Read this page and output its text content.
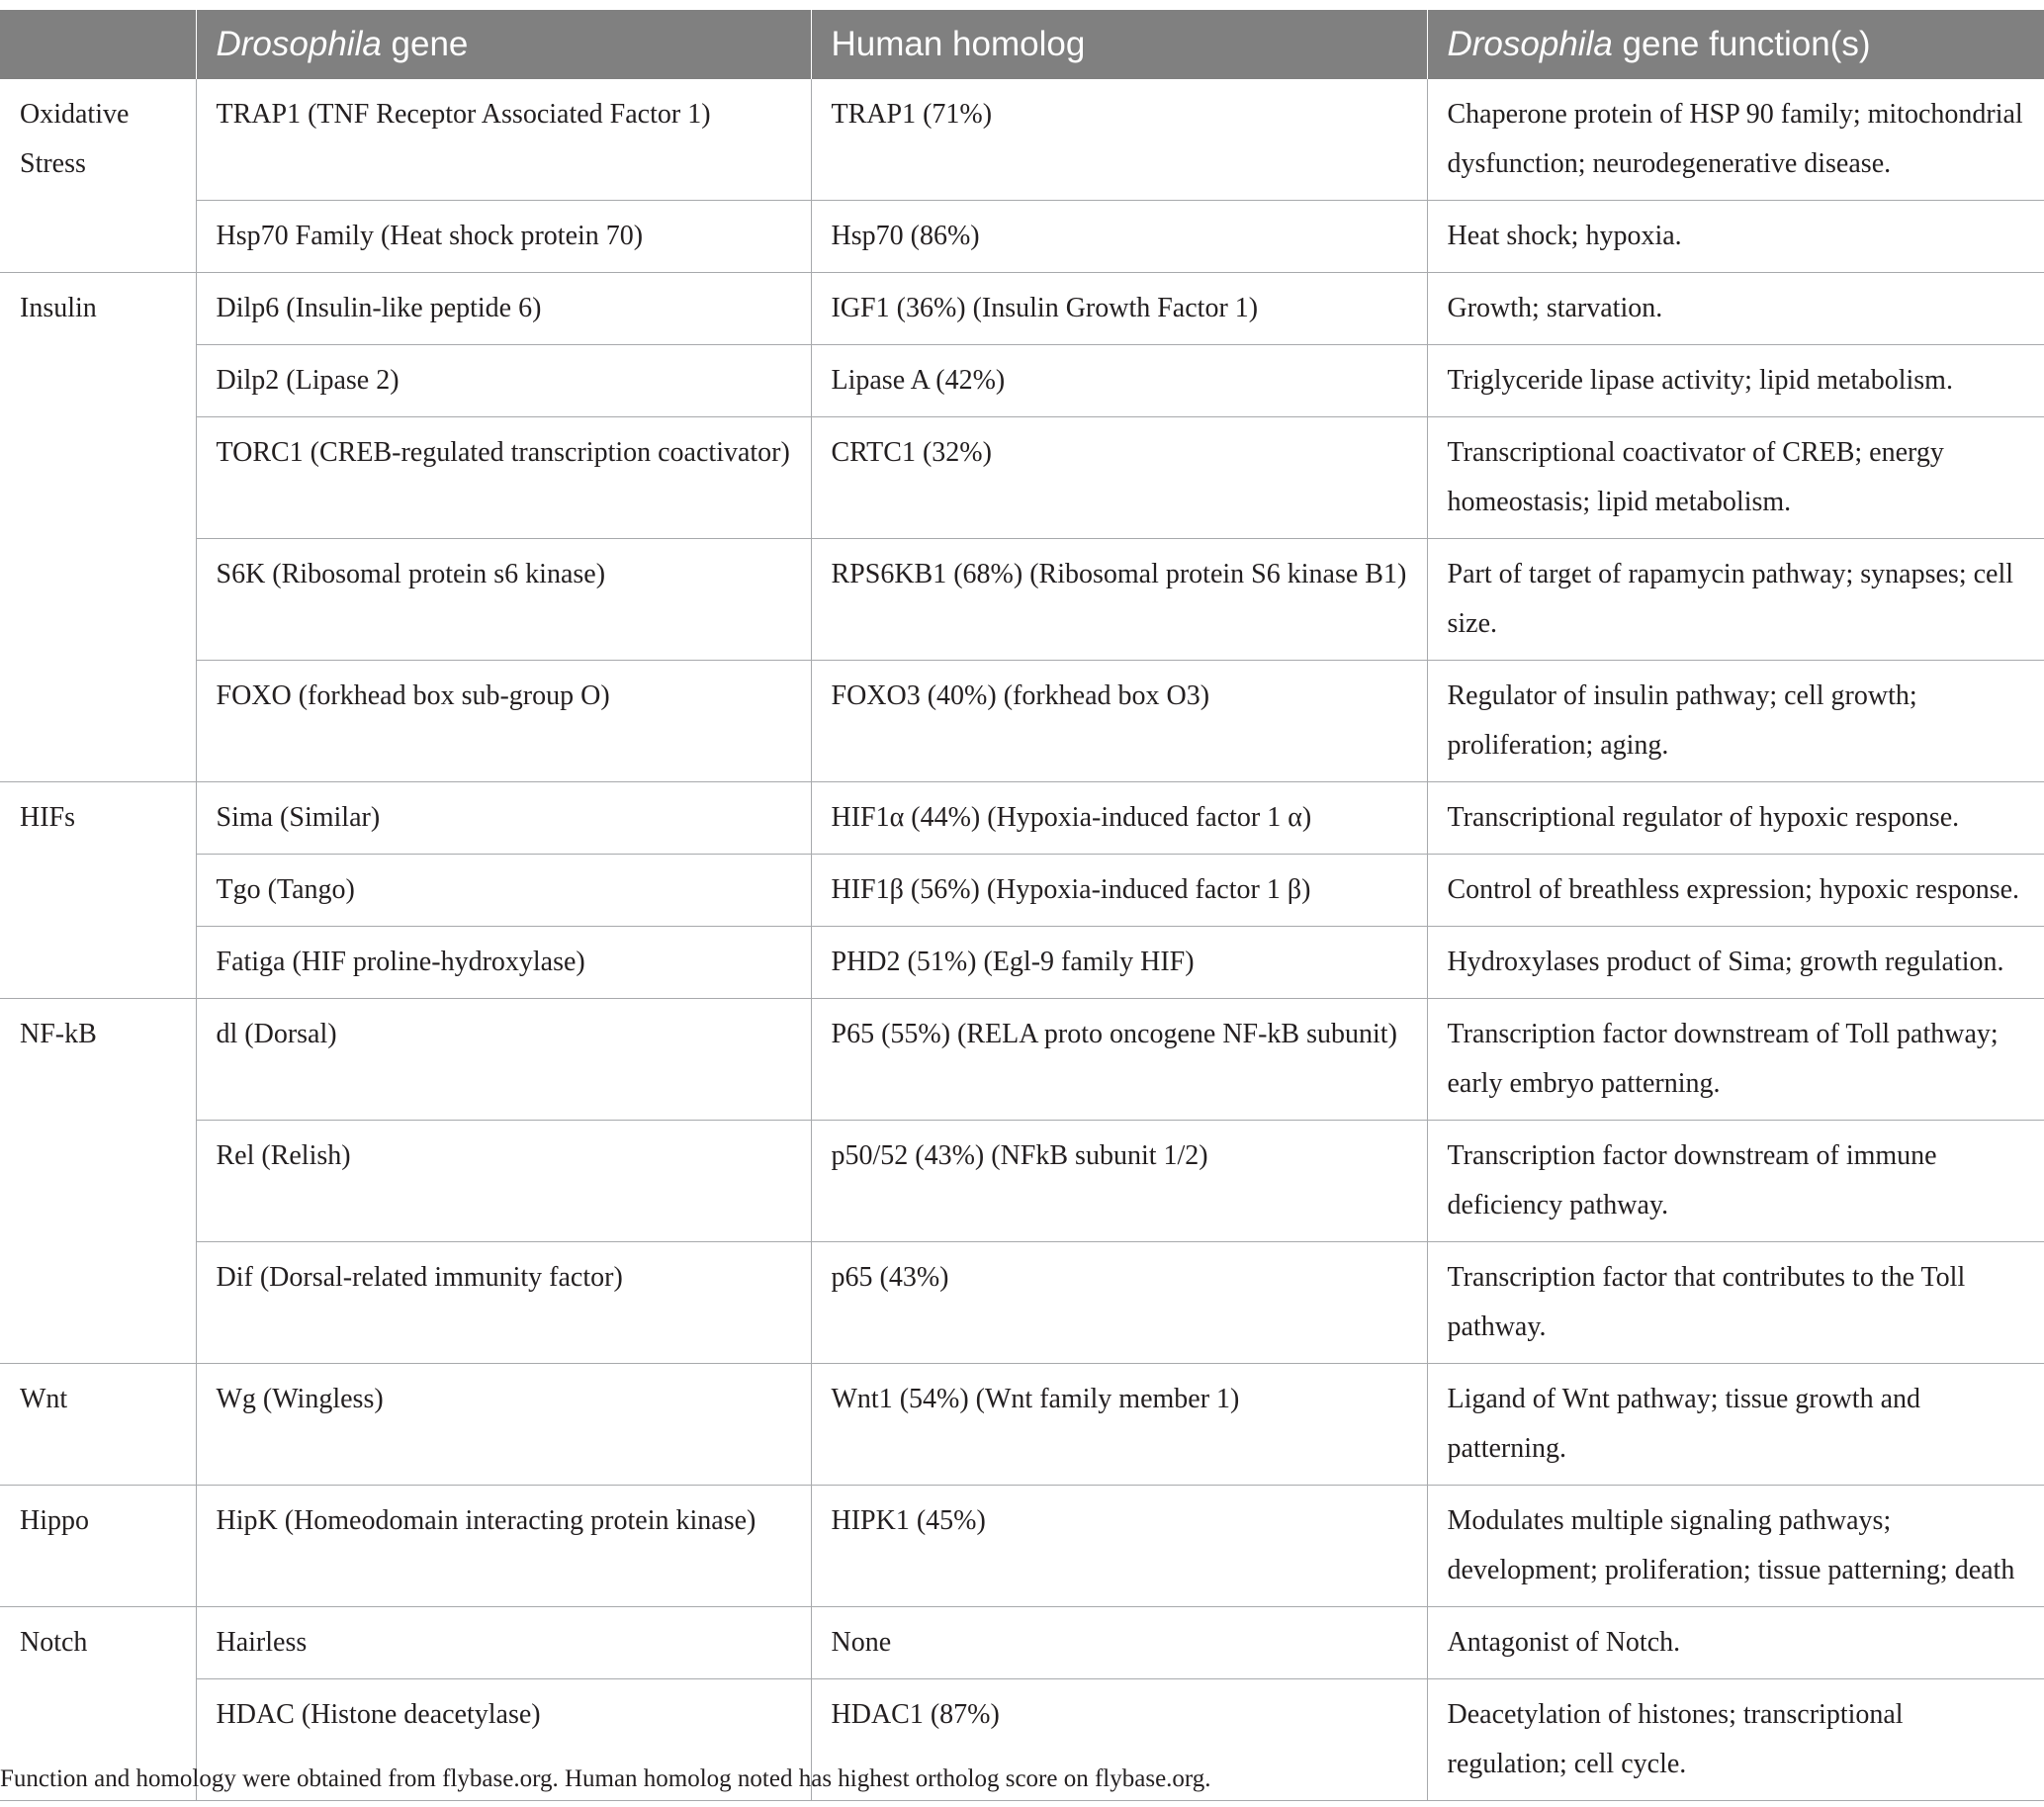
	Drosophila gene	Human homolog	Drosophila gene function(s)
Oxidative Stress	TRAP1 (TNF Receptor Associated Factor 1)	TRAP1 (71%)	Chaperone protein of HSP 90 family; mitochondrial dysfunction; neurodegenerative disease.
	Hsp70 Family (Heat shock protein 70)	Hsp70 (86%)	Heat shock; hypoxia.
Insulin	Dilp6 (Insulin-like peptide 6)	IGF1 (36%) (Insulin Growth Factor 1)	Growth; starvation.
	Dilp2 (Lipase 2)	Lipase A (42%)	Triglyceride lipase activity; lipid metabolism.
	TORC1 (CREB-regulated transcription coactivator)	CRTC1 (32%)	Transcriptional coactivator of CREB; energy homeostasis; lipid metabolism.
	S6K (Ribosomal protein s6 kinase)	RPS6KB1 (68%) (Ribosomal protein S6 kinase B1)	Part of target of rapamycin pathway; synapses; cell size.
	FOXO (forkhead box sub-group O)	FOXO3 (40%) (forkhead box O3)	Regulator of insulin pathway; cell growth; proliferation; aging.
HIFs	Sima (Similar)	HIF1α (44%) (Hypoxia-induced factor 1 α)	Transcriptional regulator of hypoxic response.
	Tgo (Tango)	HIF1β (56%) (Hypoxia-induced factor 1 β)	Control of breathless expression; hypoxic response.
	Fatiga (HIF proline-hydroxylase)	PHD2 (51%) (Egl-9 family HIF)	Hydroxylases product of Sima; growth regulation.
NF-kB	dl (Dorsal)	P65 (55%) (RELA proto oncogene NF-kB subunit)	Transcription factor downstream of Toll pathway; early embryo patterning.
	Rel (Relish)	p50/52 (43%) (NFkB subunit 1/2)	Transcription factor downstream of immune deficiency pathway.
	Dif (Dorsal-related immunity factor)	p65 (43%)	Transcription factor that contributes to the Toll pathway.
Wnt	Wg (Wingless)	Wnt1 (54%) (Wnt family member 1)	Ligand of Wnt pathway; tissue growth and patterning.
Hippo	HipK (Homeodomain interacting protein kinase)	HIPK1 (45%)	Modulates multiple signaling pathways; development; proliferation; tissue patterning; death
Notch	Hairless	None	Antagonist of Notch.
	HDAC (Histone deacetylase)	HDAC1 (87%)	Deacetylation of histones; transcriptional regulation; cell cycle.
Function and homology were obtained from flybase.org. Human homolog noted has highest ortholog score on flybase.org.
